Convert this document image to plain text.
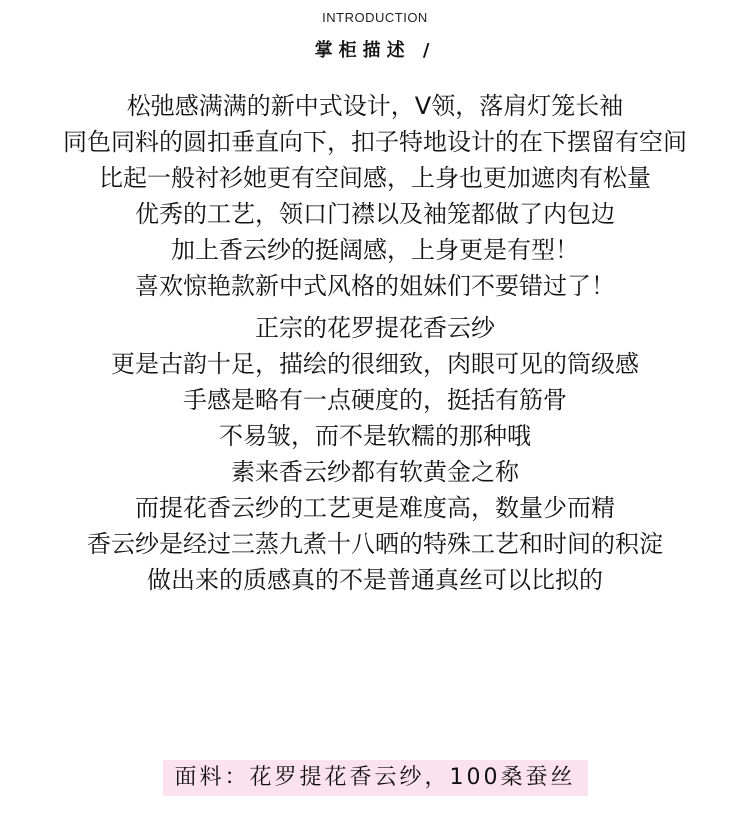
INTRODUCTION
掌柜描述 /
松弛感满满的新中式设计，V领，落肩灯笼长袖
同色同料的圆扣垂直向下，扣子特地设计的在下摆留有空间
比起一般衬衫她更有空间感，上身也更加遮肉有松量
优秀的工艺，领口门襟以及袖笼都做了内包边
加上香云纱的挺阔感，上身更是有型！
喜欢惊艳款新中式风格的姐妹们不要错过了！
正宗的花罗提花香云纱
更是古韵十足，描绘的很细致，肉眼可见的筒级感
手感是略有一点硬度的，挺括有筋骨
不易皱，而不是软糯的那种哦
素来香云纱都有软黄金之称
而提花香云纱的工艺更是难度高，数量少而精
香云纱是经过三蒸九煮十八晒的特殊工艺和时间的积淀
做出来的质感真的不是普通真丝可以比拟的
面料：花罗提花香云纱，100桑蚕丝
